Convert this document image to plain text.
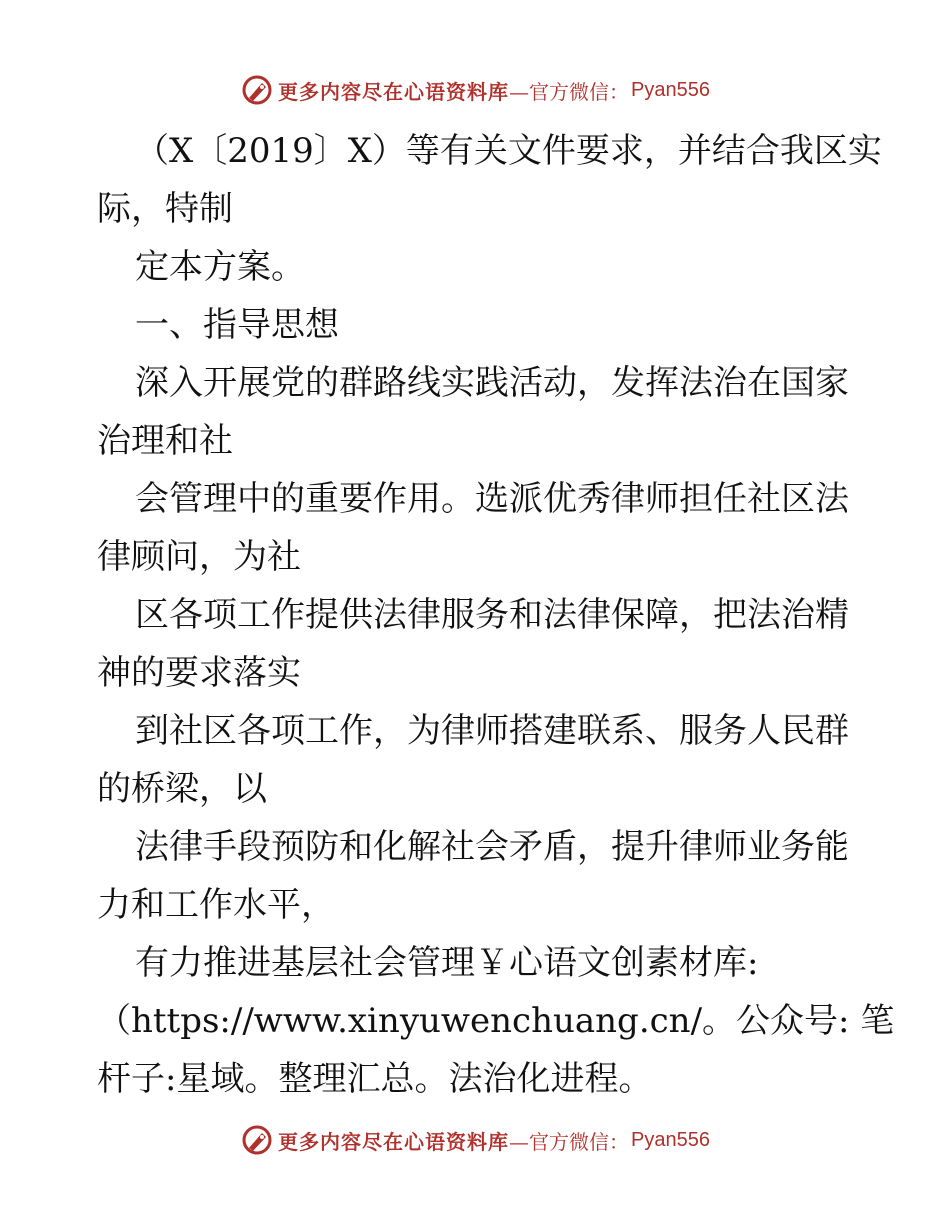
更多内容尽在心语资料库 —官方微信： Pyan556
（X〔2019〕X）等有关文件要求，并结合我区实
际，特制
定本方案。
一、指导思想
深入开展党的群路线实践活动，发挥法治在国家
治理和社
会管理中的重要作用。选派优秀律师担任社区法
律顾问，为社
区各项工作提供法律服务和法律保障，把法治精
神的要求落实
到社区各项工作，为律师搭建联系、服务人民群
的桥梁，以
法律手段预防和化解社会矛盾，提升律师业务能
力和工作水平，
有力推进基层社会管理￥心语文创素材库:
（https://www.xinyuwenchuang.cn/。公众号: 笔
杆子:星域。整理汇总。法治化进程。
更多内容尽在心语资料库 —官方微信： Pyan556
